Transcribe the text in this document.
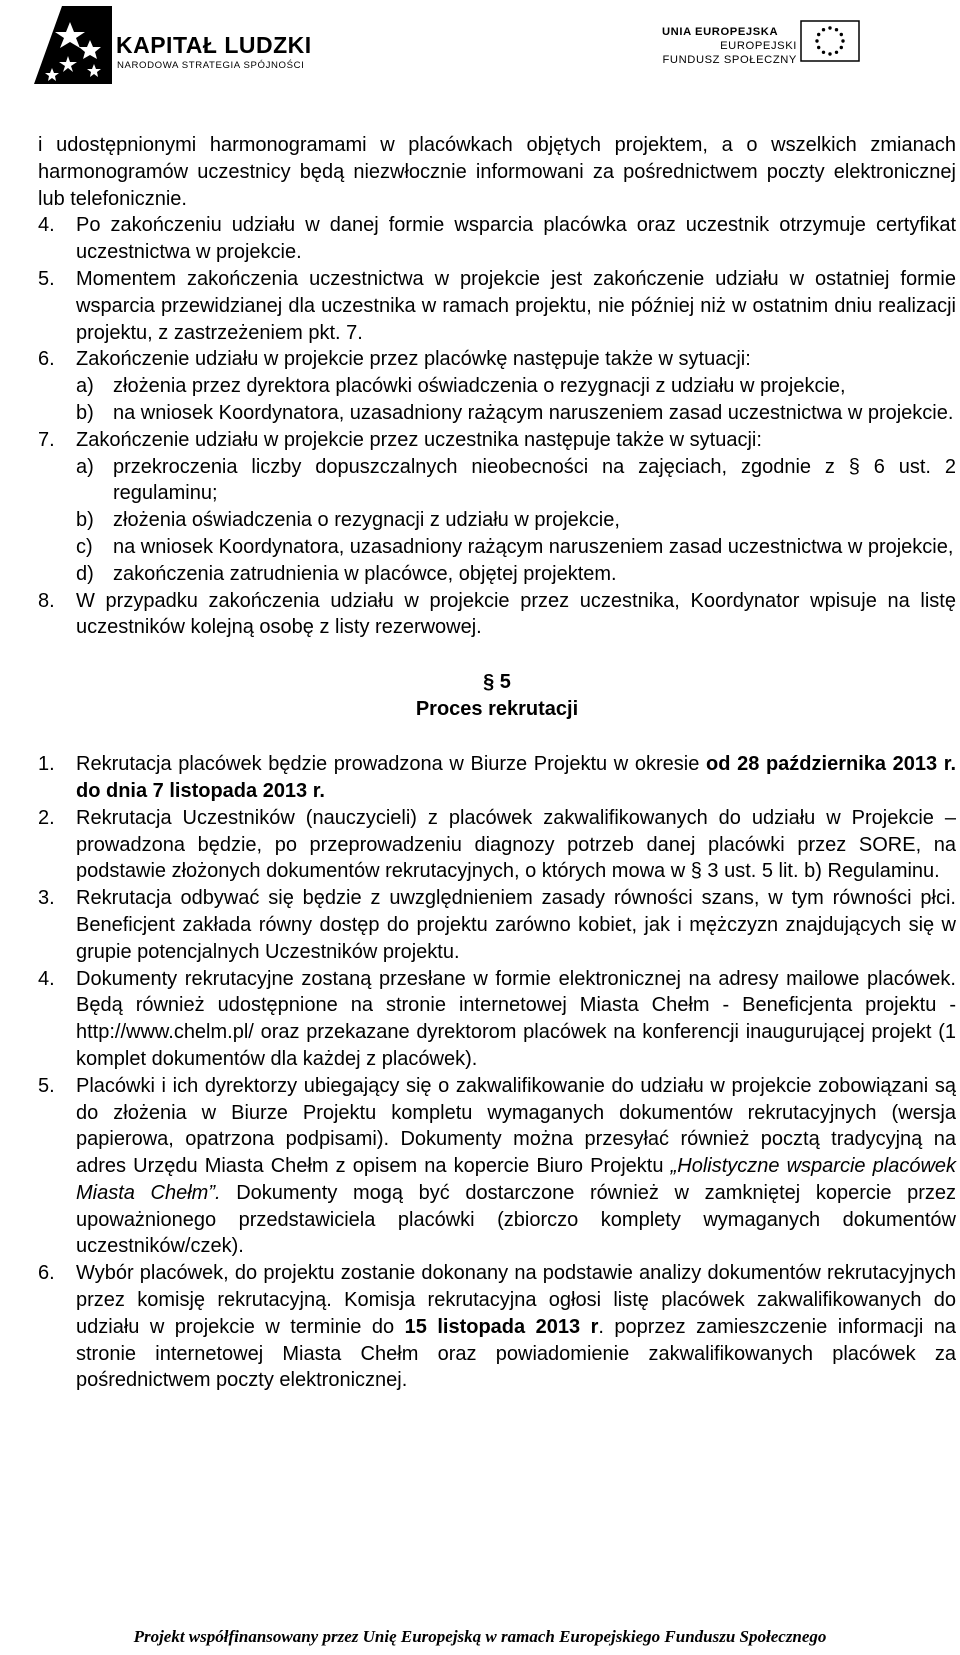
KAPITAŁ LUDZKI
NARODOWA STRATEGIA SPÓJNOŚCI
UNIA EUROPEJSKA
EUROPEJSKI
FUNDUSZ SPOŁECZNY

i udostępnionymi harmonogramami w placówkach objętych projektem, a o wszelkich zmianach harmonogramów uczestnicy będą niezwłocznie informowani za pośrednictwem poczty elektronicznej lub telefonicznie.

4. Po zakończeniu udziału w danej formie wsparcia placówka oraz uczestnik otrzymuje certyfikat uczestnictwa w projekcie.
5. Momentem zakończenia uczestnictwa w projekcie jest zakończenie udziału w ostatniej formie wsparcia przewidzianej dla uczestnika w ramach projektu, nie później niż w ostatnim dniu realizacji projektu, z zastrzeżeniem pkt. 7.
6. Zakończenie udziału w projekcie przez placówkę następuje także w sytuacji:
a) złożenia przez dyrektora placówki oświadczenia o rezygnacji z udziału w projekcie,
b) na wniosek Koordynatora, uzasadniony rażącym naruszeniem zasad uczestnictwa w projekcie.
7. Zakończenie udziału w projekcie przez uczestnika następuje także w sytuacji:
a) przekroczenia liczby dopuszczalnych nieobecności na zajęciach, zgodnie z § 6 ust. 2 regulaminu;
b) złożenia oświadczenia o rezygnacji z udziału w projekcie,
c) na wniosek Koordynatora, uzasadniony rażącym naruszeniem zasad uczestnictwa w projekcie,
d) zakończenia zatrudnienia w placówce, objętej projektem.
8. W przypadku zakończenia udziału w projekcie przez uczestnika, Koordynator wpisuje na listę uczestników kolejną osobę z listy rezerwowej.
§ 5
Proces rekrutacji
1. Rekrutacja placówek będzie prowadzona w Biurze Projektu w okresie od 28 października 2013 r. do dnia 7 listopada 2013 r.
2. Rekrutacja Uczestników (nauczycieli) z placówek zakwalifikowanych do udziału w Projekcie – prowadzona będzie, po przeprowadzeniu diagnozy potrzeb danej placówki przez SORE, na podstawie złożonych dokumentów rekrutacyjnych, o których mowa w § 3 ust. 5 lit. b) Regulaminu.
3. Rekrutacja odbywać się będzie z uwzględnieniem zasady równości szans, w tym równości płci. Beneficjent zakłada równy dostęp do projektu zarówno kobiet, jak i mężczyzn znajdujących się w grupie potencjalnych Uczestników projektu.
4. Dokumenty rekrutacyjne zostaną przesłane w formie elektronicznej na adresy mailowe placówek. Będą również udostępnione na stronie internetowej Miasta Chełm - Beneficjenta projektu - http://www.chelm.pl/ oraz przekazane dyrektorom placówek na konferencji inaugurującej projekt (1 komplet dokumentów dla każdej z placówek).
5. Placówki i ich dyrektorzy ubiegający się o zakwalifikowanie do udziału w projekcie zobowiązani są do złożenia w Biurze Projektu kompletu wymaganych dokumentów rekrutacyjnych (wersja papierowa, opatrzona podpisami). Dokumenty można przesyłać również pocztą tradycyjną na adres Urzędu Miasta Chełm z opisem na kopercie Biuro Projektu „Holistyczne wsparcie placówek Miasta Chełm”. Dokumenty mogą być dostarczone również w zamkniętej kopercie przez upoważnionego przedstawiciela placówki (zbiorczo komplety wymaganych dokumentów uczestników/czek).
6. Wybór placówek, do projektu zostanie dokonany na podstawie analizy dokumentów rekrutacyjnych przez komisję rekrutacyjną. Komisja rekrutacyjna ogłosi listę placówek zakwalifikowanych do udziału w projekcie w terminie do 15 listopada 2013 r. poprzez zamieszczenie informacji na stronie internetowej Miasta Chełm oraz powiadomienie zakwalifikowanych placówek za pośrednictwem poczty elektronicznej.
Projekt współfinansowany przez Unię Europejską w ramach Europejskiego Funduszu Społecznego
